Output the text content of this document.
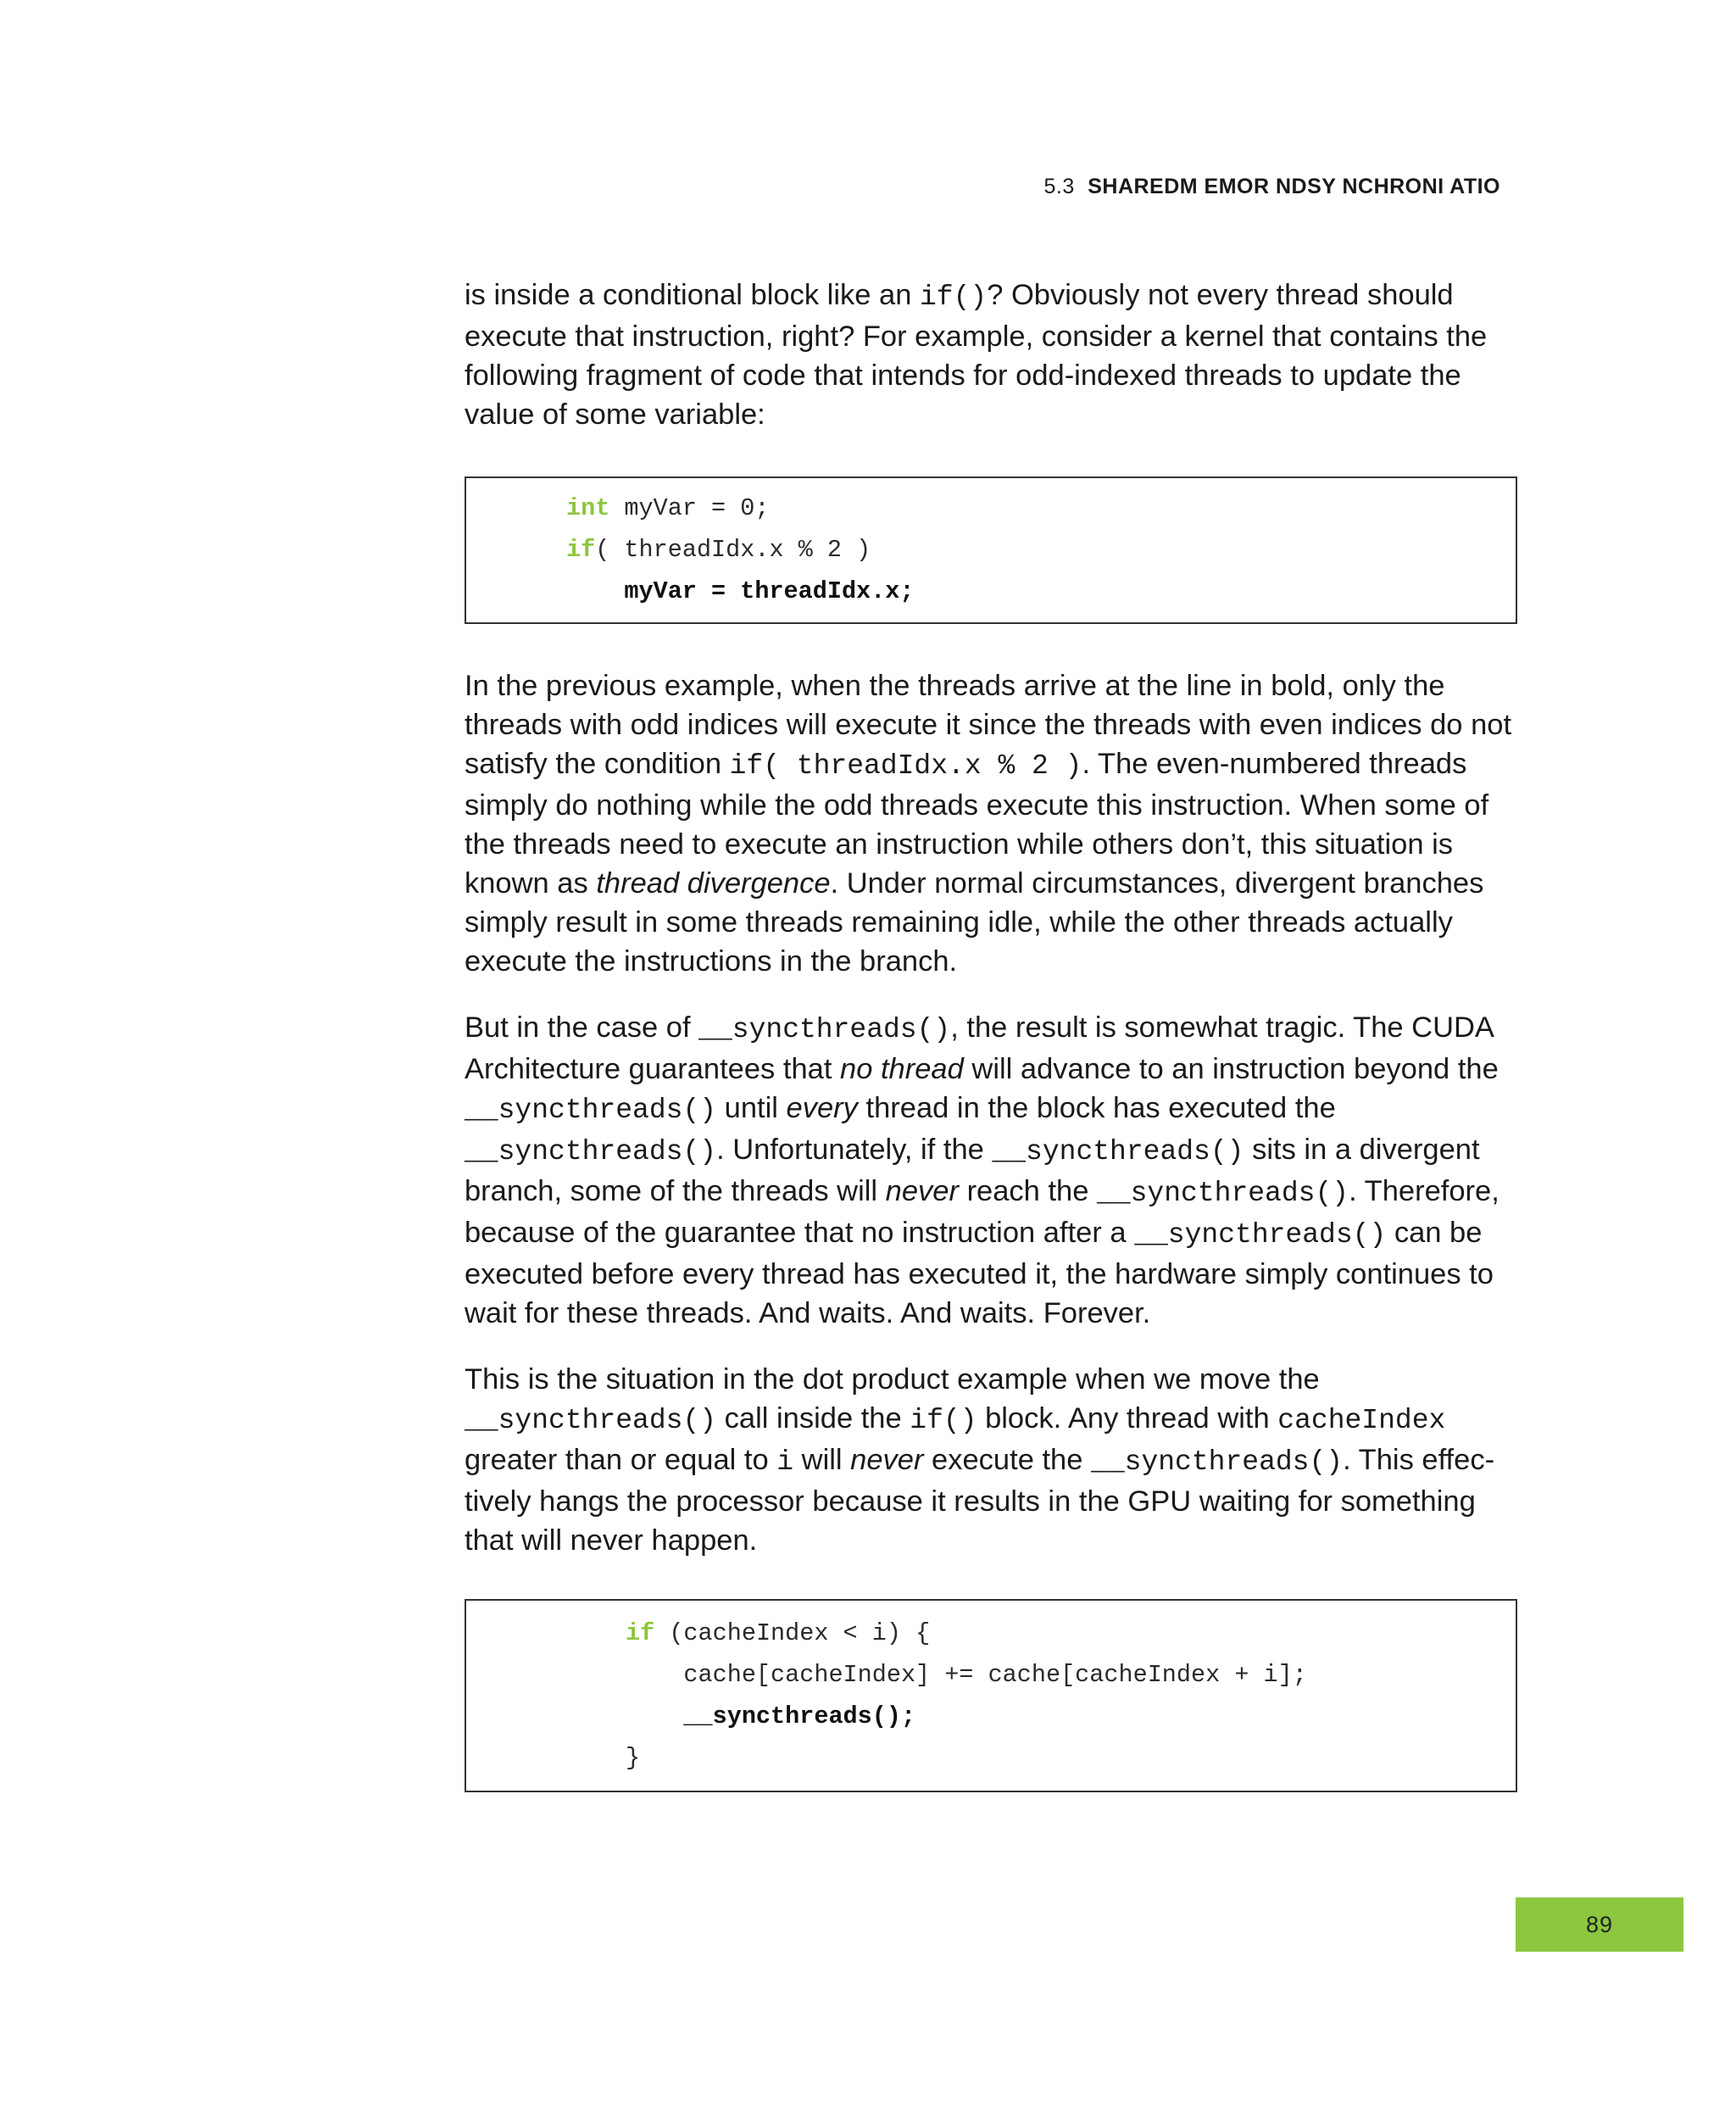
5.3 SHAREDM EMOR NDSY NCHRONI ATIO

is inside a conditional block like an if()? Obviously not every thread should execute that instruction, right? For example, consider a kernel that contains the following fragment of code that intends for odd-indexed threads to update the value of some variable:

int myVar = 0;
if( threadIdx.x % 2 )
myVar = threadIdx.x;

In the previous example, when the threads arrive at the line in bold, only the threads with odd indices will execute it since the threads with even indices do not satisfy the condition if( threadIdx.x % 2 ). The even-numbered threads simply do nothing while the odd threads execute this instruction. When some of the threads need to execute an instruction while others don’t, this situation is known as thread divergence. Under normal circumstances, divergent branches simply result in some threads remaining idle, while the other threads actually execute the instructions in the branch.

But in the case of __syncthreads(), the result is somewhat tragic. The CUDA Architecture guarantees that no thread will advance to an instruction beyond the __syncthreads() until every thread in the block has executed the __syncthreads(). Unfortunately, if the __syncthreads() sits in a divergent branch, some of the threads will never reach the __syncthreads(). Therefore, because of the guarantee that no instruction after a __syncthreads() can be executed before every thread has executed it, the hardware simply continues to wait for these threads. And waits. And waits. Forever.

This is the situation in the dot product example when we move the __syncthreads() call inside the if() block. Any thread with cacheIndex greater than or equal to i will never execute the __syncthreads(). This effec- tively hangs the processor because it results in the GPU waiting for something that will never happen.

if (cacheIndex < i) {
cache[cacheIndex] += cache[cacheIndex + i];
__syncthreads();
}
89
